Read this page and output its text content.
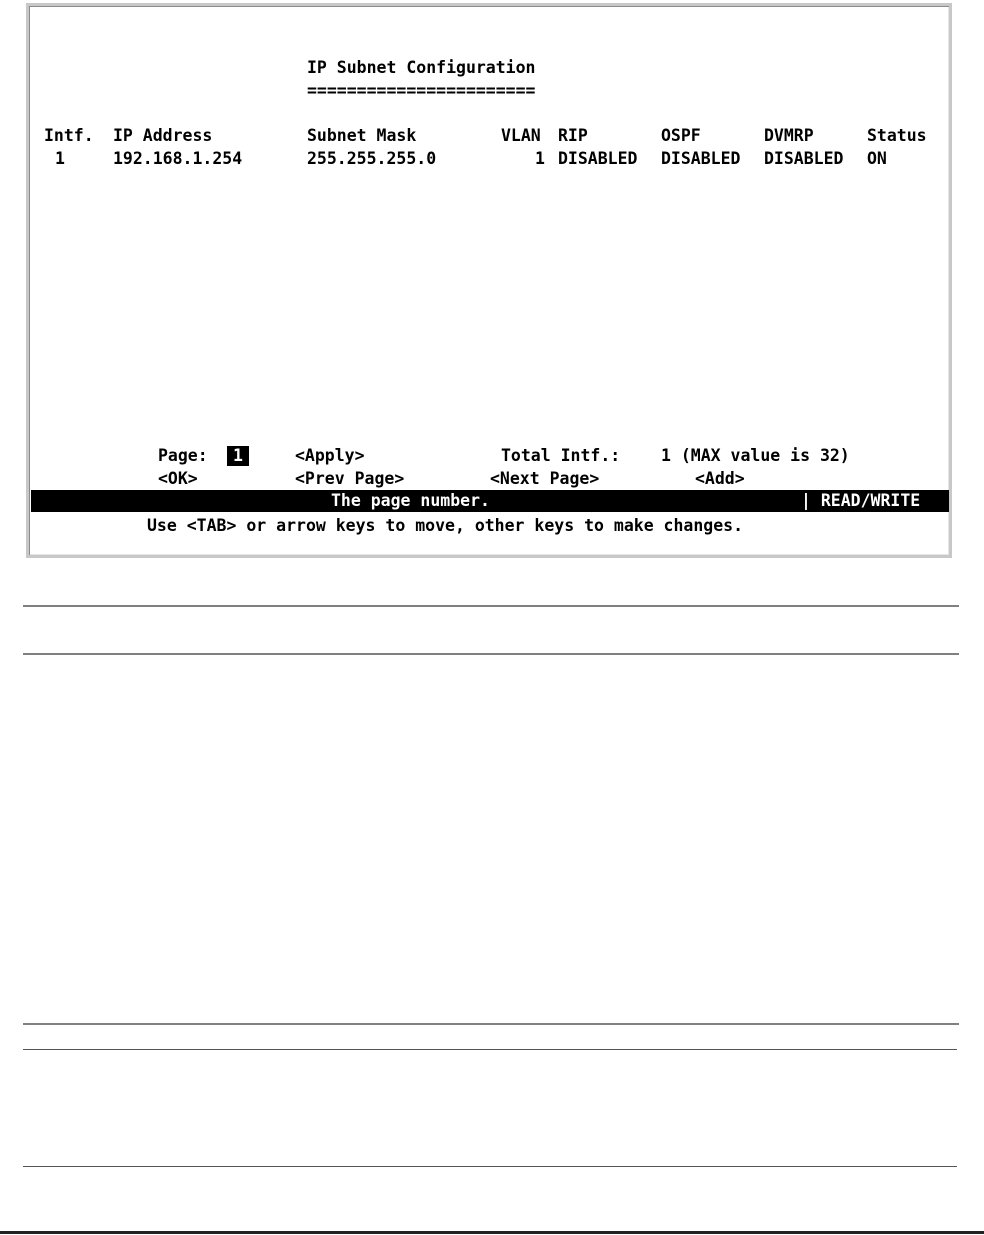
IP Subnet Configuration
=======================
Intf. IP Address	Subnet Mask	VLAN RIP	OSPF	DVMRP	Status
1	192.168.1.254	255.255.255.0	1 DISABLED DISABLED DISABLED ON
Page:	1	<Apply>	Total Intf.: 1 (MAX value is 32)
<OK>	<Prev Page>	<Next Page>	<Add>
The page number.	| READ/WRITE
Use <TAB> or arrow keys to move, other keys to make changes.
